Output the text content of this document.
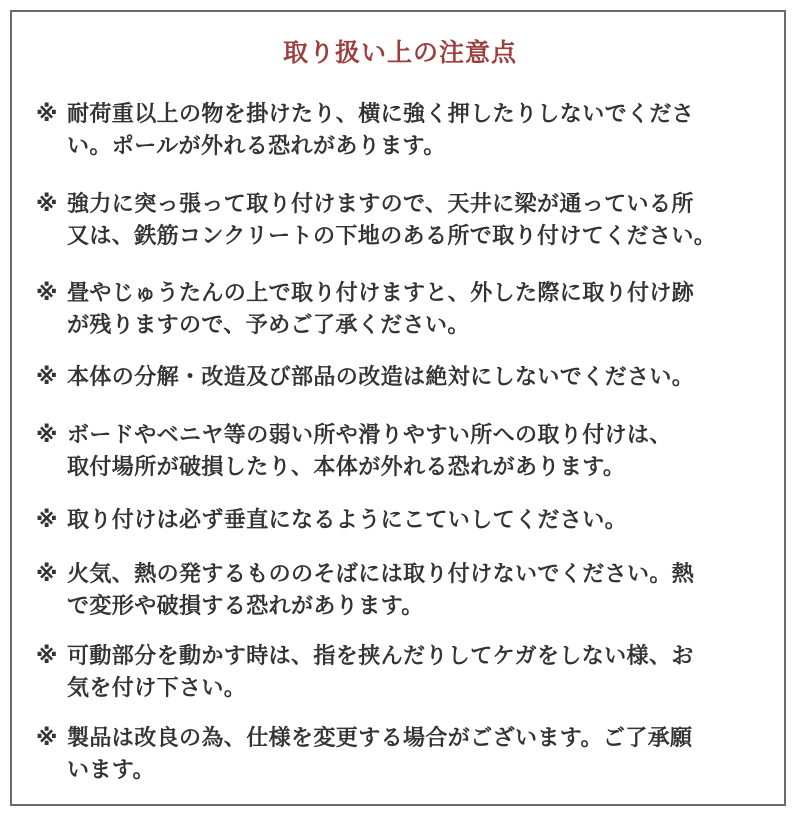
取り扱い上の注意点
※ 耐荷重以上の物を掛けたり、横に強く押したりしないでくださ
い。ポールが外れる恐れがあります。
※ 強力に突っ張って取り付けますので、天井に梁が通っている所
又は、鉄筋コンクリートの下地のある所で取り付けてください。
※ 畳やじゅうたんの上で取り付けますと、外した際に取り付け跡
が残りますので、予めご了承ください。
※ 本体の分解・改造及び部品の改造は絶対にしないでください。
※ ボードやベニヤ等の弱い所や滑りやすい所への取り付けは、
取付場所が破損したり、本体が外れる恐れがあります。
※ 取り付けは必ず垂直になるようにこていしてください。
※ 火気、熱の発するもののそばには取り付けないでください。熱
で変形や破損する恐れがあります。
※ 可動部分を動かす時は、指を挟んだりしてケガをしない様、お
気を付け下さい。
※ 製品は改良の為、仕様を変更する場合がございます。ご了承願
います。
